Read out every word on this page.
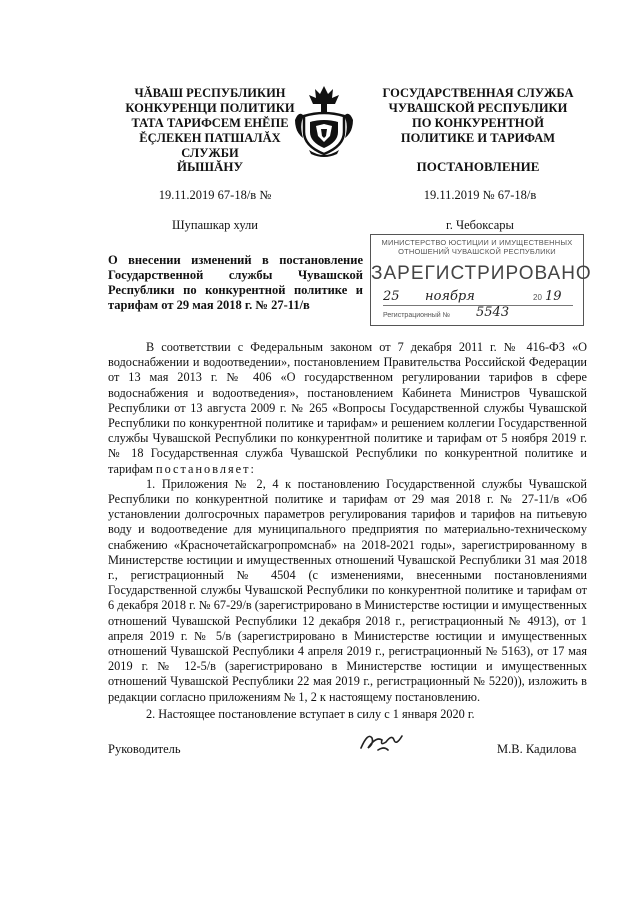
ЧĂВАШ РЕСПУБЛИКИН
КОНКУРЕНЦИ ПОЛИТИКИ
ТАТА ТАРИФСЕМ ЕНĔПЕ
ĔÇЛЕКЕН ПАТШАЛĂХ СЛУЖБИ
ГОСУДАРСТВЕННАЯ СЛУЖБА
ЧУВАШСКОЙ РЕСПУБЛИКИ
ПО КОНКУРЕНТНОЙ
ПОЛИТИКЕ И ТАРИФАМ
ЙЫШĂНУ	ПОСТАНОВЛЕНИЕ
19.11.2019 67-18/в №	19.11.2019 № 67-18/в
Шупашкар хули	г. Чебоксары
МИНИСТЕРСТВО ЮСТИЦИИ И ИМУЩЕСТВЕННЫХ
ОТНОШЕНИЙ ЧУВАШСКОЙ РЕСПУБЛИКИ
ЗАРЕГИСТРИРОВАНО
25 ноября	20 19
Регистрационный № 5543
О внесении изменений в постановление Государственной службы Чувашской Республики по конкурентной политике и тарифам от 29 мая 2018 г. № 27-11/в

В соответствии с Федеральным законом от 7 декабря 2011 г. № 416-ФЗ «О водоснабжении и водоотведении», постановлением Правительства Российской Федерации от 13 мая 2013 г. № 406 «О государственном регулировании тарифов в сфере водоснабжения и водоотведения», постановлением Кабинета Министров Чувашской Республики от 13 августа 2009 г. № 265 «Вопросы Государственной службы Чувашской Республики по конкурентной политике и тарифам» и решением коллегии Государственной службы Чувашской Республики по конкурентной политике и тарифам от 5 ноября 2019 г. № 18 Государственная служба Чувашской Республики по конкурентной политике и тарифам постановляет:

1. Приложения № 2, 4 к постановлению Государственной службы Чувашской Республики по конкурентной политике и тарифам от 29 мая 2018 г. № 27-11/в «Об установлении долгосрочных параметров регулирования тарифов и тарифов на питьевую воду и водоотведение для муниципального предприятия по материально-техническому снабжению «Красночетайскагропромснаб» на 2018-2021 годы», зарегистрированному в Министерстве юстиции и имущественных отношений Чувашской Республики 31 мая 2018 г., регистрационный № 4504 (с изменениями, внесенными постановлениями Государственной службы Чувашской Республики по конкурентной политике и тарифам от 6 декабря 2018 г. № 67-29/в (зарегистрировано в Министерстве юстиции и имущественных отношений Чувашской Республики 12 декабря 2018 г., регистрационный № 4913), от 1 апреля 2019 г. № 5/в (зарегистрировано в Министерстве юстиции и имущественных отношений Чувашской Республики 4 апреля 2019 г., регистрационный № 5163), от 17 мая 2019 г. № 12-5/в (зарегистрировано в Министерстве юстиции и имущественных отношений Чувашской Республики 22 мая 2019 г., регистрационный № 5220)), изложить в редакции согласно приложениям № 1, 2 к настоящему постановлению.

2. Настоящее постановление вступает в силу с 1 января 2020 г.

Руководитель	М.В. Кадилова
